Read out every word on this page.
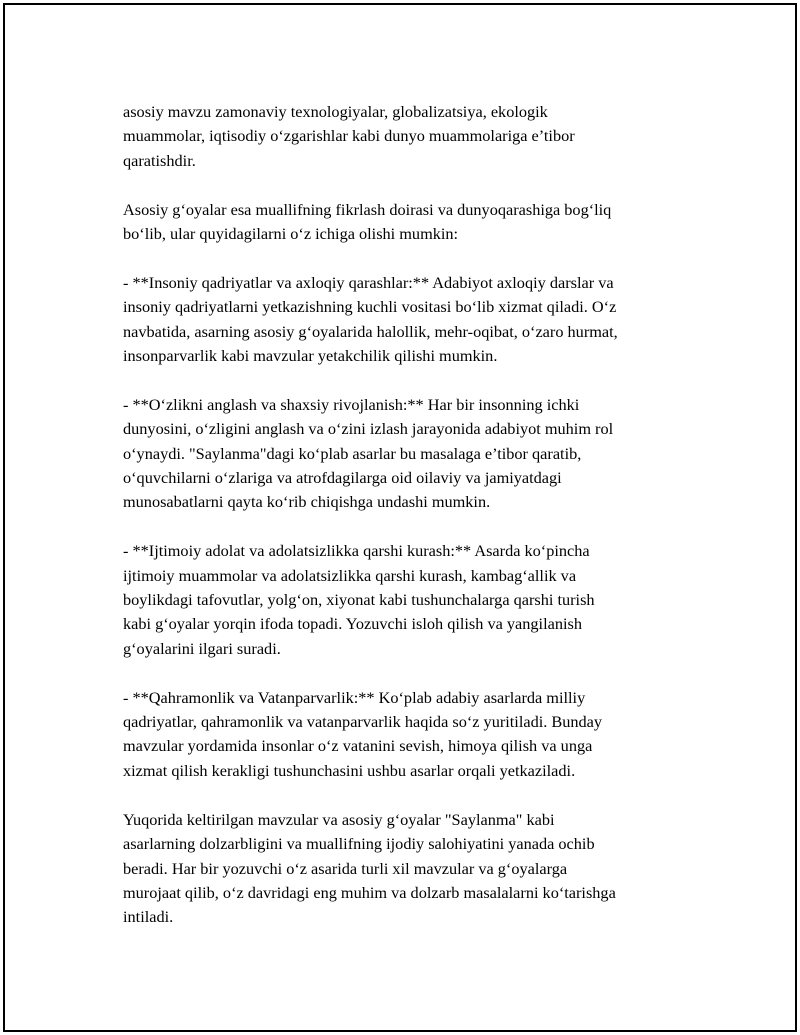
asosiy mavzu zamonaviy texnologiyalar, globalizatsiya, ekologik
muammolar, iqtisodiy o‘zgarishlar kabi dunyo muammolariga e’tibor
qaratishdir.

Asosiy g‘oyalar esa muallifning fikrlash doirasi va dunyoqarashiga bog‘liq
bo‘lib, ular quyidagilarni o‘z ichiga olishi mumkin:

- **Insoniy qadriyatlar va axloqiy qarashlar:** Adabiyot axloqiy darslar va
insoniy qadriyatlarni yetkazishning kuchli vositasi bo‘lib xizmat qiladi. O‘z
navbatida, asarning asosiy g‘oyalarida halollik, mehr-oqibat, o‘zaro hurmat,
insonparvarlik kabi mavzular yetakchilik qilishi mumkin.

- **O‘zlikni anglash va shaxsiy rivojlanish:** Har bir insonning ichki
dunyosini, o‘zligini anglash va o‘zini izlash jarayonida adabiyot muhim rol
o‘ynaydi. "Saylanma"dagi ko‘plab asarlar bu masalaga e’tibor qaratib,
o‘quvchilarni o‘zlariga va atrofdagilarga oid oilaviy va jamiyatdagi
munosabatlarni qayta ko‘rib chiqishga undashi mumkin.

- **Ijtimoiy adolat va adolatsizlikka qarshi kurash:** Asarda ko‘pincha
ijtimoiy muammolar va adolatsizlikka qarshi kurash, kambag‘allik va
boylikdagi tafovutlar, yolg‘on, xiyonat kabi tushunchalarga qarshi turish
kabi g‘oyalar yorqin ifoda topadi. Yozuvchi isloh qilish va yangilanish
g‘oyalarini ilgari suradi.

- **Qahramonlik va Vatanparvarlik:** Ko‘plab adabiy asarlarda milliy
qadriyatlar, qahramonlik va vatanparvarlik haqida so‘z yuritiladi. Bunday
mavzular yordamida insonlar o‘z vatanini sevish, himoya qilish va unga
xizmat qilish kerakligi tushunchasini ushbu asarlar orqali yetkaziladi.

Yuqorida keltirilgan mavzular va asosiy g‘oyalar "Saylanma" kabi
asarlarning dolzarbligini va muallifning ijodiy salohiyatini yanada ochib
beradi. Har bir yozuvchi o‘z asarida turli xil mavzular va g‘oyalarga
murojaat qilib, o‘z davridagi eng muhim va dolzarb masalalarni ko‘tarishga
intiladi.
